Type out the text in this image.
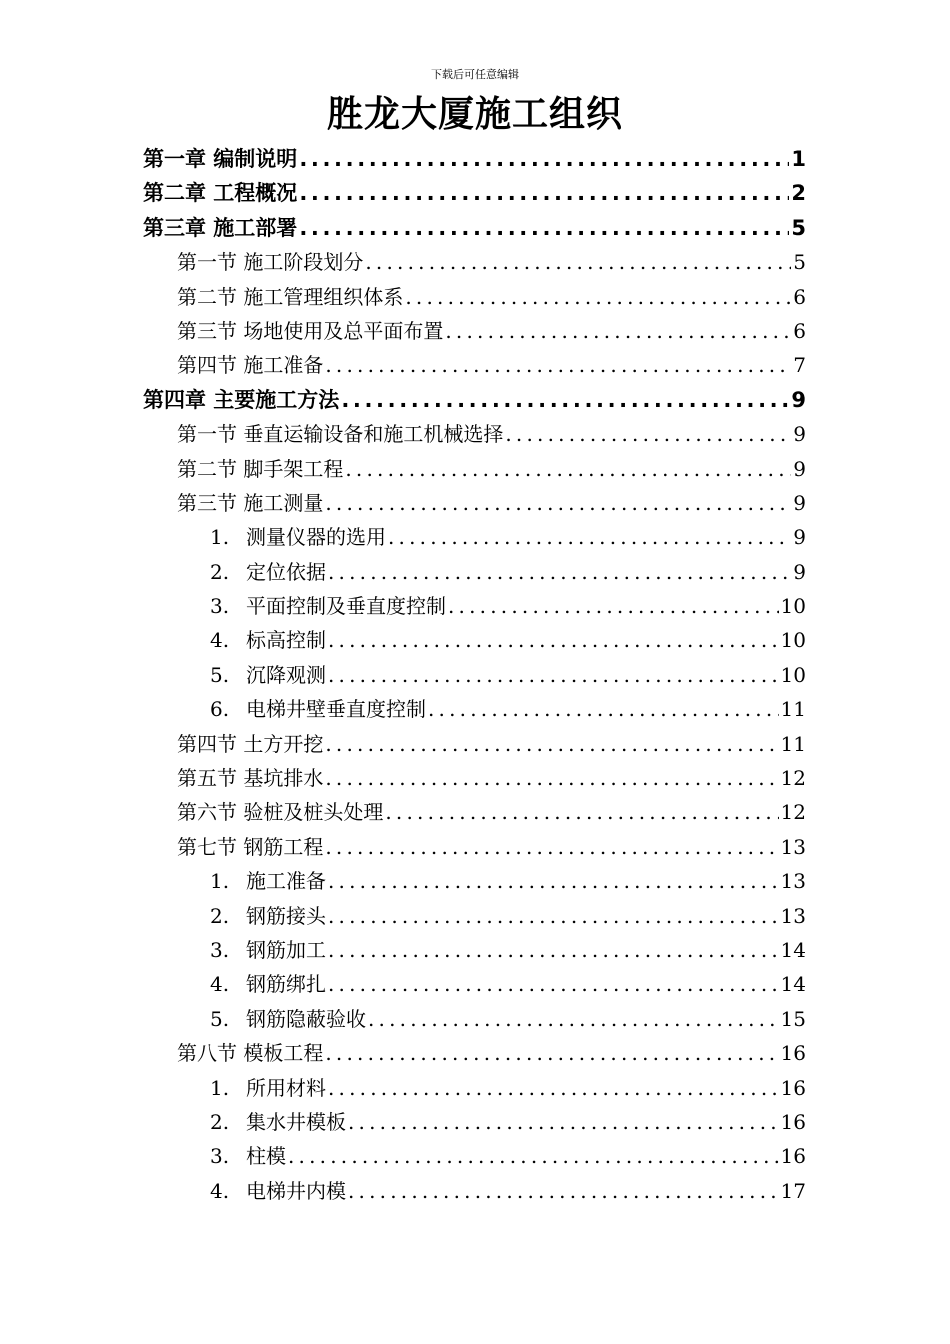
下载后可任意编辑
胜龙大厦施工组织
第一章 编制说明 .....	1
第二章 工程概况 .....	2
第三章 施工部署 .....	5
第一节 施工阶段划分 .....	5
第二节 施工管理组织体系 .....	6
第三节 场地使用及总平面布置 .....	6
第四节 施工准备 .....	7
第四章 主要施工方法 .....	9
第一节 垂直运输设备和施工机械选择 .....	9
第二节 脚手架工程 .....	9
第三节 施工测量 .....	9
1. 测量仪器的选用 .....	9
2. 定位依据 .....	9
3. 平面控制及垂直度控制 .....	10
4. 标高控制 .....	10
5. 沉降观测 .....	10
6. 电梯井壁垂直度控制 .....	11
第四节 土方开挖 .....	11
第五节 基坑排水 .....	12
第六节 验桩及桩头处理 .....	12
第七节 钢筋工程 .....	13
1. 施工准备 .....	13
2. 钢筋接头 .....	13
3. 钢筋加工 .....	14
4. 钢筋绑扎 .....	14
5. 钢筋隐蔽验收 .....	15
第八节 模板工程 .....	16
1. 所用材料 .....	16
2. 集水井模板 .....	16
3. 柱模 .....	16
4. 电梯井内模 .....	17
